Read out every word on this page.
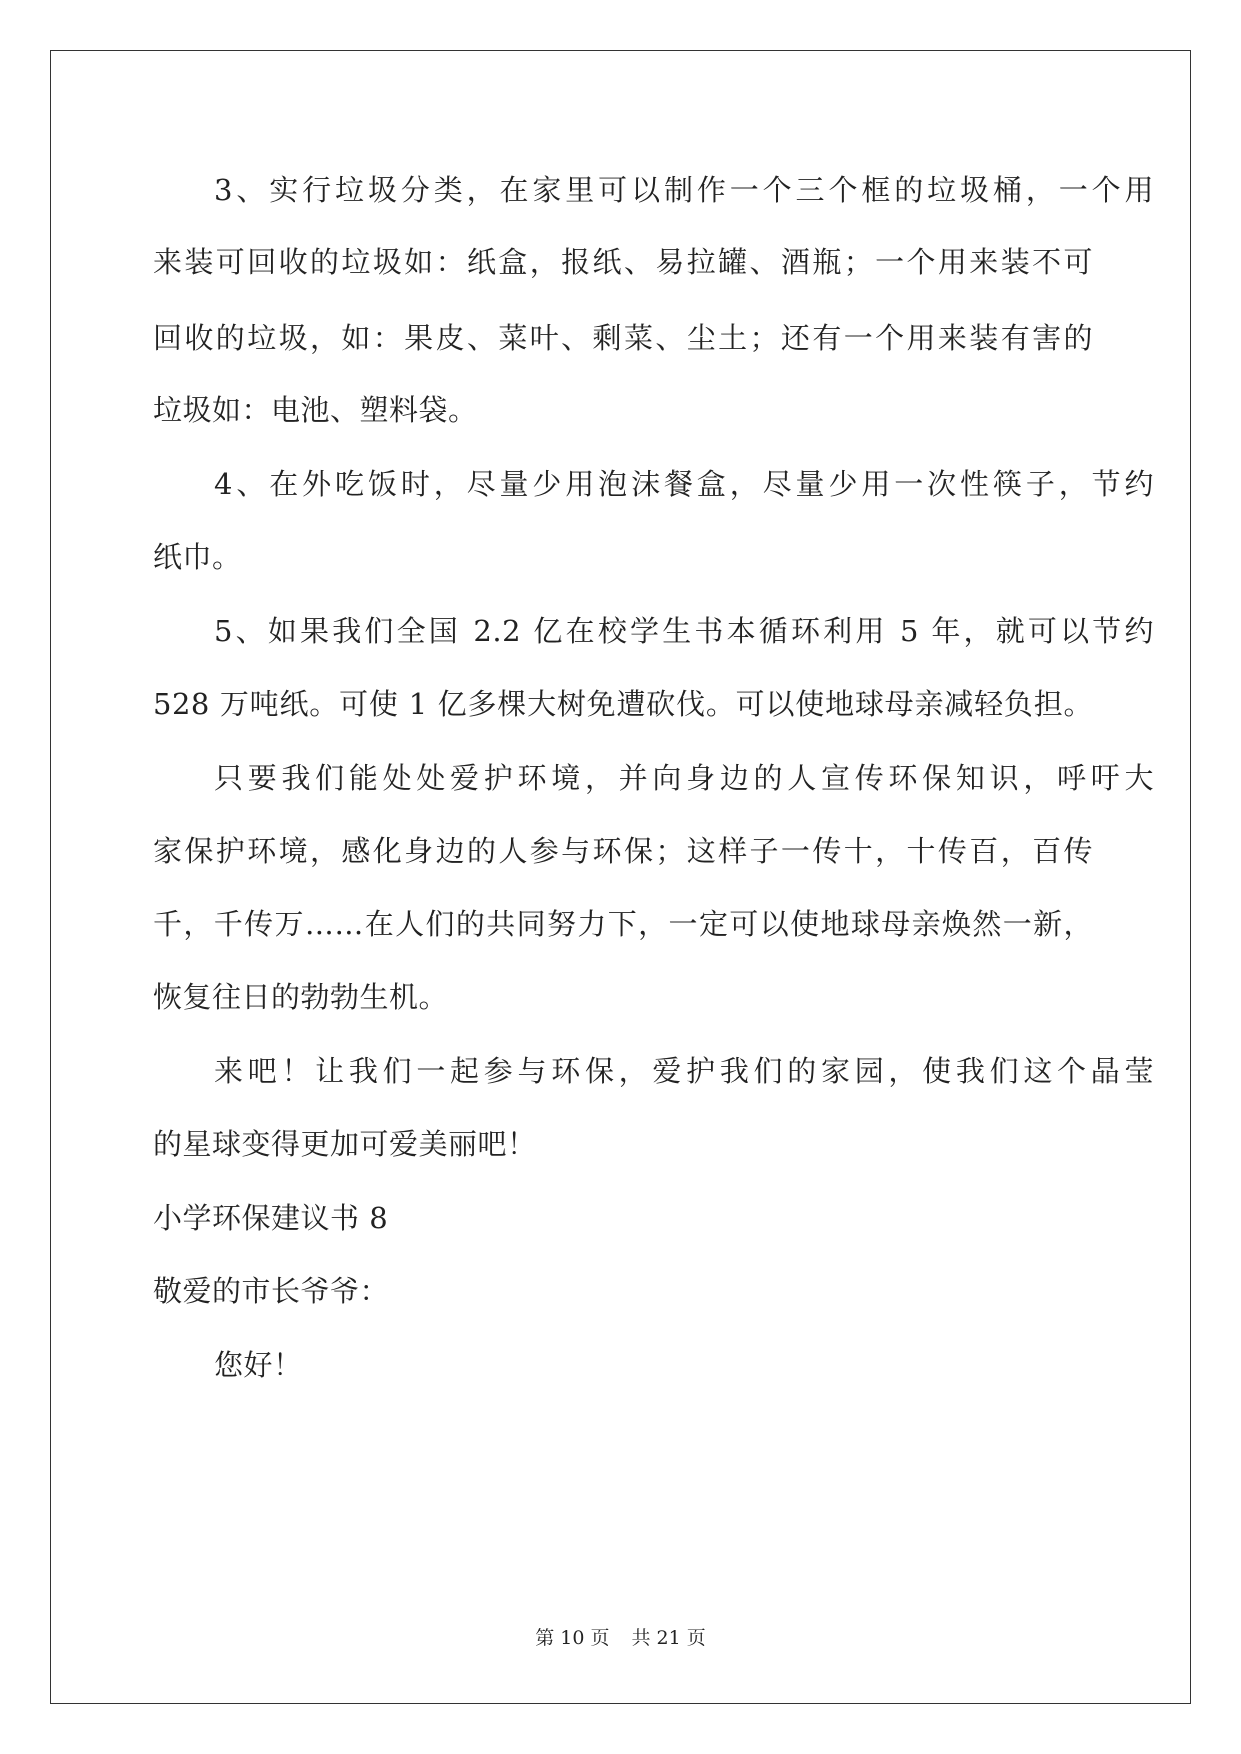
3、实行垃圾分类，在家里可以制作一个三个框的垃圾桶，一个用
来装可回收的垃圾如：纸盒，报纸、易拉罐、酒瓶；一个用来装不可
回收的垃圾，如：果皮、菜叶、剩菜、尘土；还有一个用来装有害的
垃圾如：电池、塑料袋。
4、在外吃饭时，尽量少用泡沫餐盒，尽量少用一次性筷子，节约
纸巾。
5、如果我们全国 2.2 亿在校学生书本循环利用 5 年，就可以节约
528 万吨纸。可使 1 亿多棵大树免遭砍伐。可以使地球母亲减轻负担。
只要我们能处处爱护环境，并向身边的人宣传环保知识，呼吁大
家保护环境，感化身边的人参与环保；这样子一传十，十传百，百传
千，千传万……在人们的共同努力下，一定可以使地球母亲焕然一新，
恢复往日的勃勃生机。
来吧！让我们一起参与环保，爱护我们的家园，使我们这个晶莹
的星球变得更加可爱美丽吧！
小学环保建议书 8
敬爱的市长爷爷：
您好！
第 10 页 共 21 页
